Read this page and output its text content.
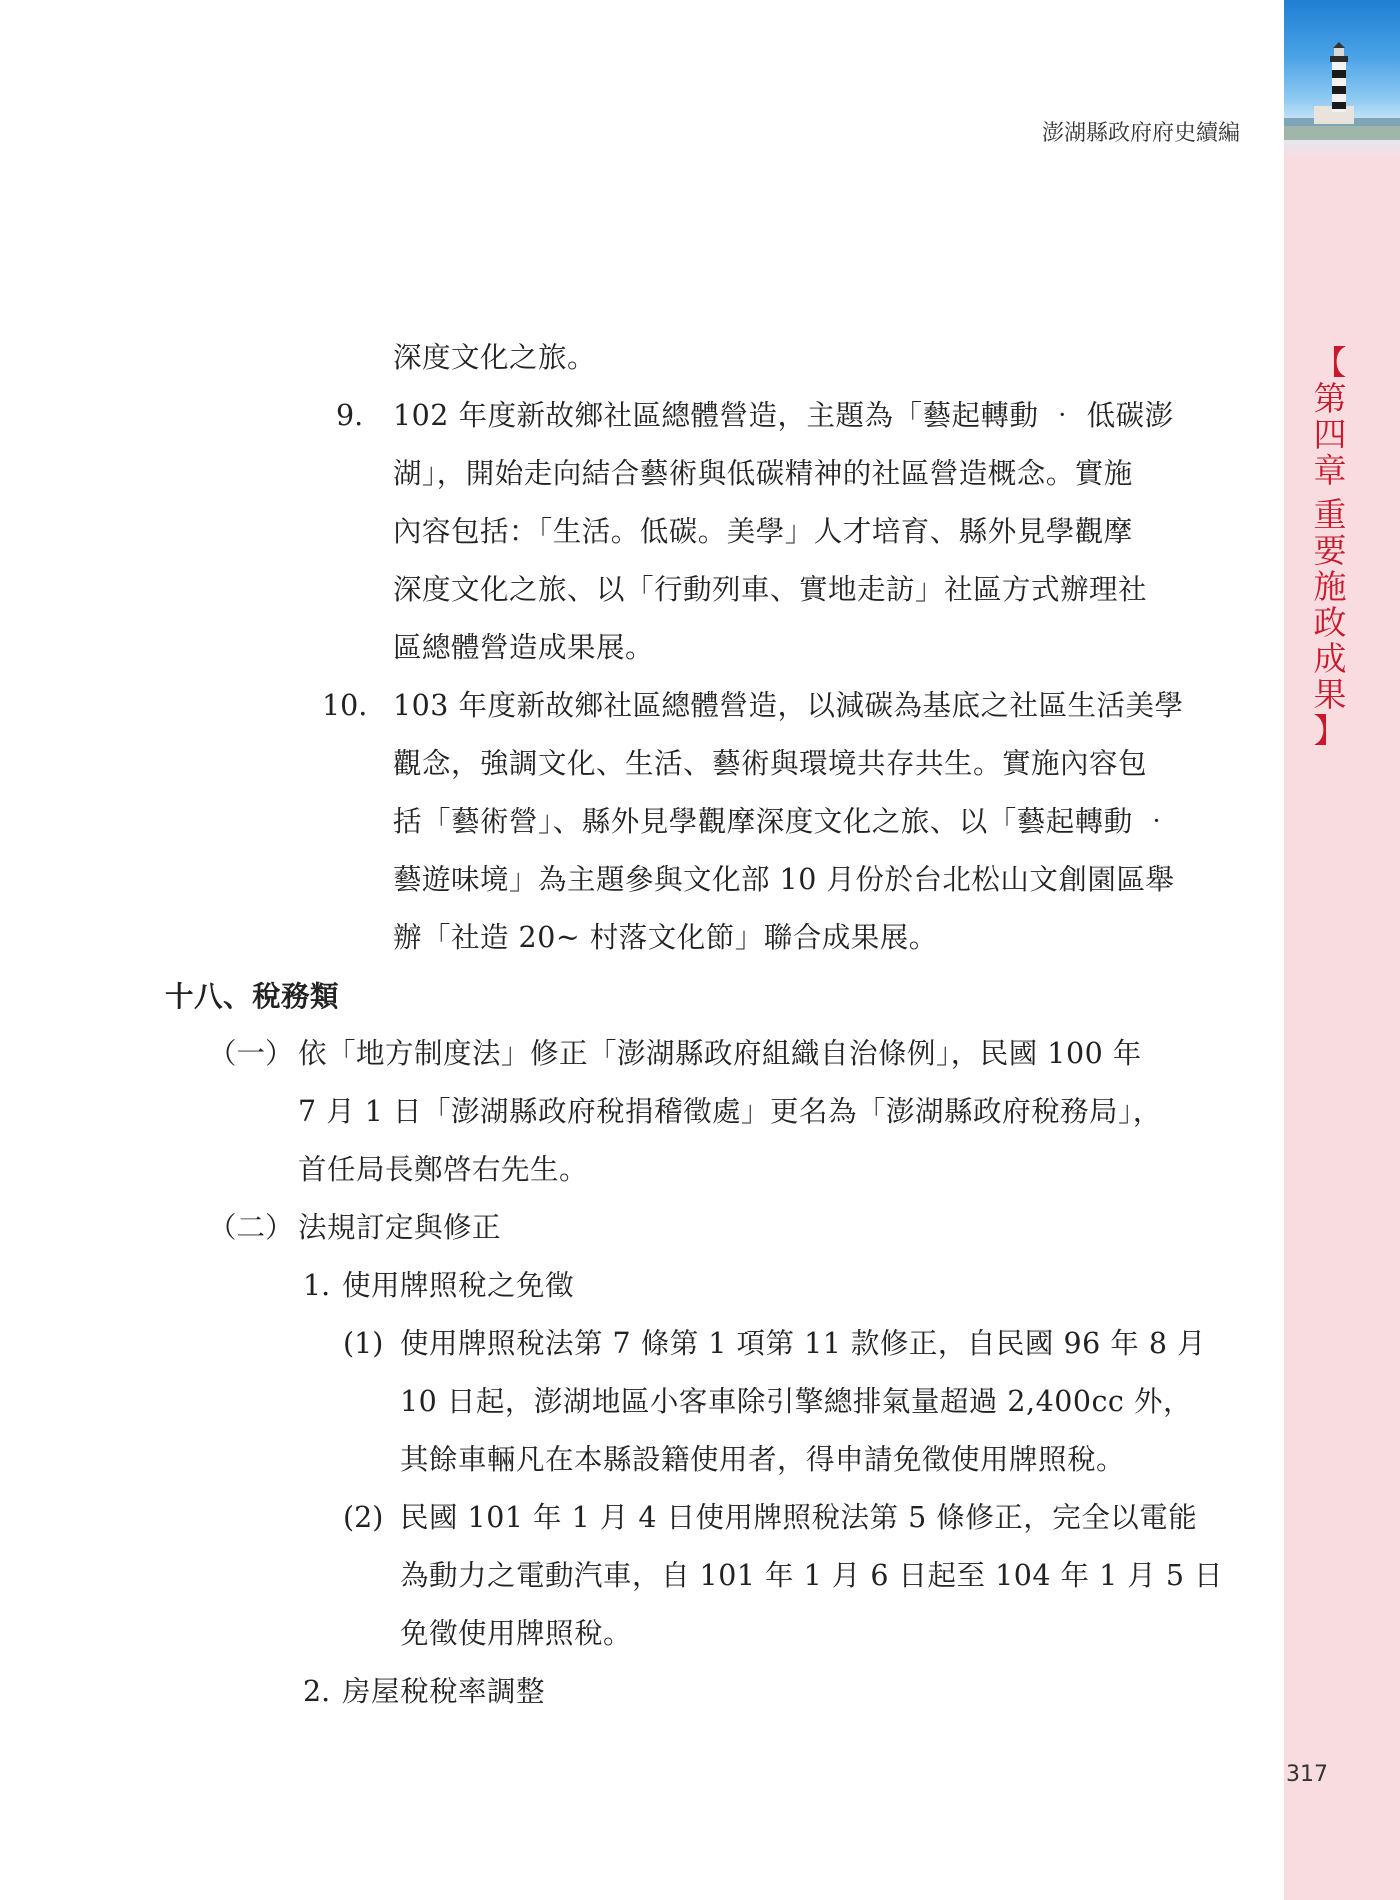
【
第
四
章
重
要
施
政
成
果
】
澎湖縣政府府史續編
深度文化之旅。
9. 102 年度新故鄉社區總體營造，主題為「藝起轉動 ‧ 低碳澎
湖」，開始走向結合藝術與低碳精神的社區營造概念。實施
內容包括：「生活。低碳。美學」人才培育、縣外見學觀摩
深度文化之旅、以「行動列車、實地走訪」社區方式辦理社
區總體營造成果展。
10. 103 年度新故鄉社區總體營造，以減碳為基底之社區生活美學
觀念，強調文化、生活、藝術與環境共存共生。實施內容包
括「藝術營」、縣外見學觀摩深度文化之旅、以「藝起轉動 ‧
藝遊味境」為主題參與文化部 10 月份於台北松山文創園區舉
辦「社造 20~ 村落文化節」聯合成果展。
十八、稅務類
（一） 依「地方制度法」修正「澎湖縣政府組織自治條例」，民國 100 年
7 月 1 日「澎湖縣政府稅捐稽徵處」更名為「澎湖縣政府稅務局」，
首任局長鄭啓右先生。
（二） 法規訂定與修正
1. 使用牌照稅之免徵
(1) 使用牌照稅法第 7 條第 1 項第 11 款修正，自民國 96 年 8 月
10 日起，澎湖地區小客車除引擎總排氣量超過 2,400cc 外，
其餘車輛凡在本縣設籍使用者，得申請免徵使用牌照稅。
(2) 民國 101 年 1 月 4 日使用牌照稅法第 5 條修正，完全以電能
為動力之電動汽車，自 101 年 1 月 6 日起至 104 年 1 月 5 日
免徵使用牌照稅。
2. 房屋稅稅率調整
317
